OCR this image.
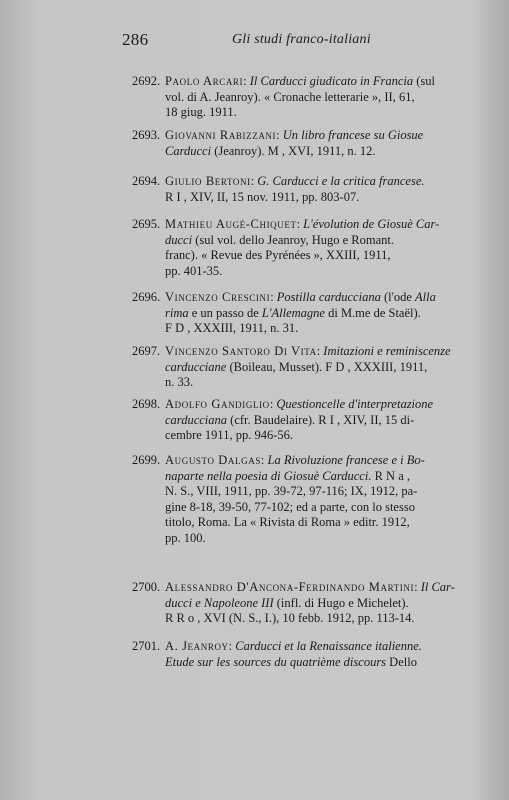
286	Gli studi franco-italiani
2692. Paolo Arcari: Il Carducci giudicato in Francia (sul
vol. di A. Jeanroy). « Cronache letterarie », II, 61,
18 giug. 1911.
2693. Giovanni Rabizzani: Un libro francese su Giosue
Carducci (Jeanroy). M , XVI, 1911, n. 12.
2694. Giulio Bertoni: G. Carducci e la critica francese.
R I , XIV, II, 15 nov. 1911, pp. 803-07.
2695. Mathieu Augé-Chiquet: L'évolution de Giosuè Car-
ducci (sul vol. dello Jeanroy, Hugo e Romant.
franc). « Revue des Pyrénées », XXIII, 1911,
pp. 401-35.
2696. Vincenzo Crescini: Postilla carducciana (l'ode Alla
rima e un passo de L'Allemagne di M.me de Staël).
F D , XXXIII, 1911, n. 31.
2697. Vincenzo Santoro Di Vita: Imitazioni e reminiscenze
carducciane (Boileau, Musset). F D , XXXIII, 1911,
n. 33.
2698. Adolfo Gandiglio: Questioncelle d'interpretazione
carducciana (cfr. Baudelaire). R I , XIV, II, 15 di-
cembre 1911, pp. 946-56.
2699. Augusto Dalgas: La Rivoluzione francese e i Bo-
naparte nella poesia di Giosuè Carducci. R N a ,
N. S., VIII, 1911, pp. 39-72, 97-116; IX, 1912, pa-
gine 8-18, 39-50, 77-102; ed a parte, con lo stesso
titolo, Roma. La « Rivista di Roma » editr. 1912,
pp. 100.
2700. Alessandro D'Ancona-Ferdinando Martini: Il Car-
ducci e Napoleone III (infl. di Hugo e Michelet).
R R o , XVI (N. S., I.), 10 febb. 1912, pp. 113-14.
2701. A. Jeanroy: Carducci et la Renaissance italienne.
Etude sur les sources du quatrième discours Dello
